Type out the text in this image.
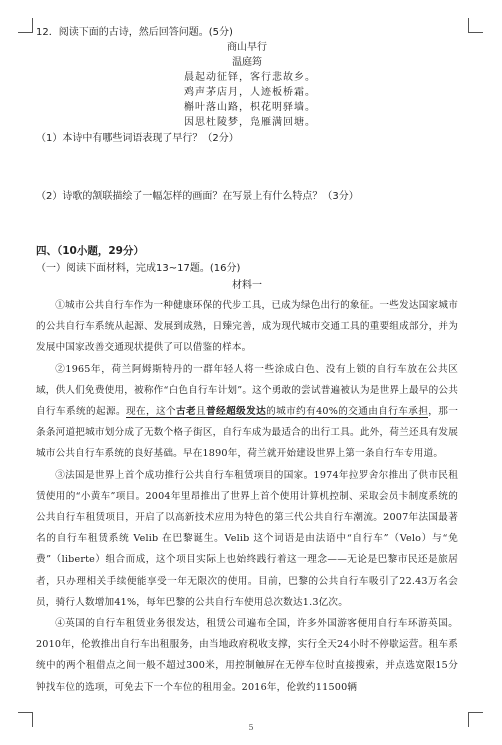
12．阅读下面的古诗，然后回答问题。(5分)
商山早行
温庭筠
晨起动征铎，客行悲故乡。
鸡声茅店月，人迹板桥霜。
槲叶落山路，枳花明驿墙。
因思杜陵梦，凫雁满回塘。
（1）本诗中有哪些词语表现了早行？（2分）
（2）诗歌的颔联描绘了一幅怎样的画面？在写景上有什么特点？（3分）
四、（10小题，29分）
（一）阅读下面材料，完成13~17题。(16分)
材料一

①城市公共自行车作为一种健康环保的代步工具，已成为绿色出行的象征。一些发达国家城市的公共自行车系统从起源、发展到成熟，日臻完善，成为现代城市交通工具的重要组成部分，并为发展中国家改善交通现状提供了可以借鉴的样本。

②1965年，荷兰阿姆斯特丹的一群年轻人将一些涂成白色、没有上锁的自行车放在公共区域，供人们免费使用，被称作“白色自行车计划”。这个勇敢的尝试普遍被认为是世界上最早的公共自行车系统的起源。现在，这个古老且普经超级发达的城市约有40%的交通由自行车承担，那一条条河道把城市划分成了无数个格子街区，自行车成为最适合的出行工具。此外，荷兰还具有发展城市公共自行车系统的良好基础。早在1890年，荷兰就开始建设世界上第一条自行车专用道。

③法国是世界上首个成功推行公共自行车租赁项目的国家。1974年拉罗舍尔推出了供市民租赁使用的“小黄车”项目。2004年里昂推出了世界上首个使用计算机控制、采取会员卡制度系统的公共自行车租赁项目，开启了以高新技术应用为特色的第三代公共自行车潮流。2007年法国最著名的自行车租赁系统 Velib 在巴黎诞生。Velib 这个词语是由法语中“自行车”（Velo）与“免费”（liberte）组合而成，这个项目实际上也始终践行着这一理念——无论是巴黎市民还是旅居者，只办理相关手续便能享受一年无限次的使用。目前，巴黎的公共自行车吸引了22.43万名会员，骑行人数增加41%，每年巴黎的公共自行车使用总次数达1.3亿次。

④英国的自行车租赁业务很发达，租赁公司遍布全国，许多外国游客便用自行车环游英国。2010年，伦敦推出自行车出租服务，由当地政府税收支撑，实行全天24小时不停歇运营。租车系统中的两个租借点之间一般不超过300米，用控制触屏在无停车位时直接搜索，并点选宽限15分钟找车位的选项，可免去下一个车位的租用金。2016年，伦敦约11500辆

5
